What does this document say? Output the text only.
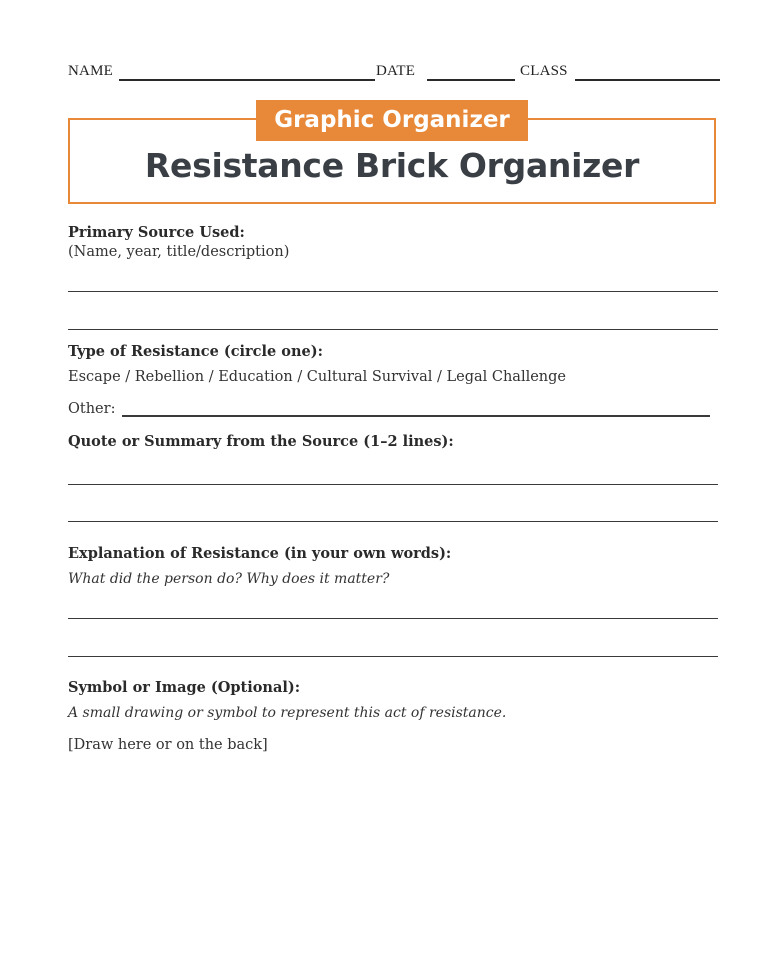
NAME	DATE	CLASS
Graphic Organizer
Resistance Brick Organizer
Primary Source Used:
(Name, year, title/description)
Type of Resistance (circle one):
Escape / Rebellion / Education / Cultural Survival / Legal Challenge
Other:
Quote or Summary from the Source (1–2 lines):
Explanation of Resistance (in your own words):
What did the person do? Why does it matter?
Symbol or Image (Optional):
A small drawing or symbol to represent this act of resistance.
[Draw here or on the back]
